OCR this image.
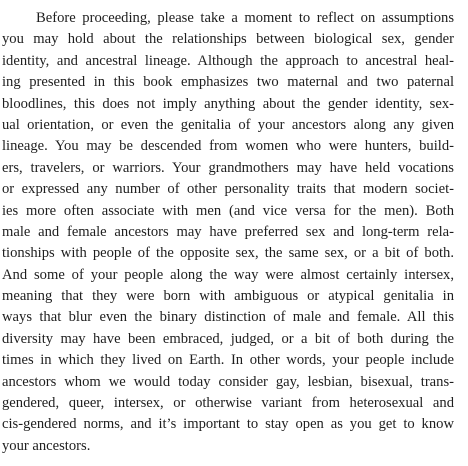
Before proceeding, please take a moment to reflect on assumptions
you may hold about the relationships between biological sex, gender
identity, and ancestral lineage. Although the approach to ancestral heal-
ing presented in this book emphasizes two maternal and two paternal
bloodlines, this does not imply anything about the gender identity, sex-
ual orientation, or even the genitalia of your ancestors along any given
lineage. You may be descended from women who were hunters, build-
ers, travelers, or warriors. Your grandmothers may have held vocations
or expressed any number of other personality traits that modern societ-
ies more often associate with men (and vice versa for the men). Both
male and female ancestors may have preferred sex and long-term rela-
tionships with people of the opposite sex, the same sex, or a bit of both.
And some of your people along the way were almost certainly intersex,
meaning that they were born with ambiguous or atypical genitalia in
ways that blur even the binary distinction of male and female. All this
diversity may have been embraced, judged, or a bit of both during the
times in which they lived on Earth. In other words, your people include
ancestors whom we would today consider gay, lesbian, bisexual, trans-
gendered, queer, intersex, or otherwise variant from heterosexual and
cis-gendered norms, and it’s important to stay open as you get to know
your ancestors.
